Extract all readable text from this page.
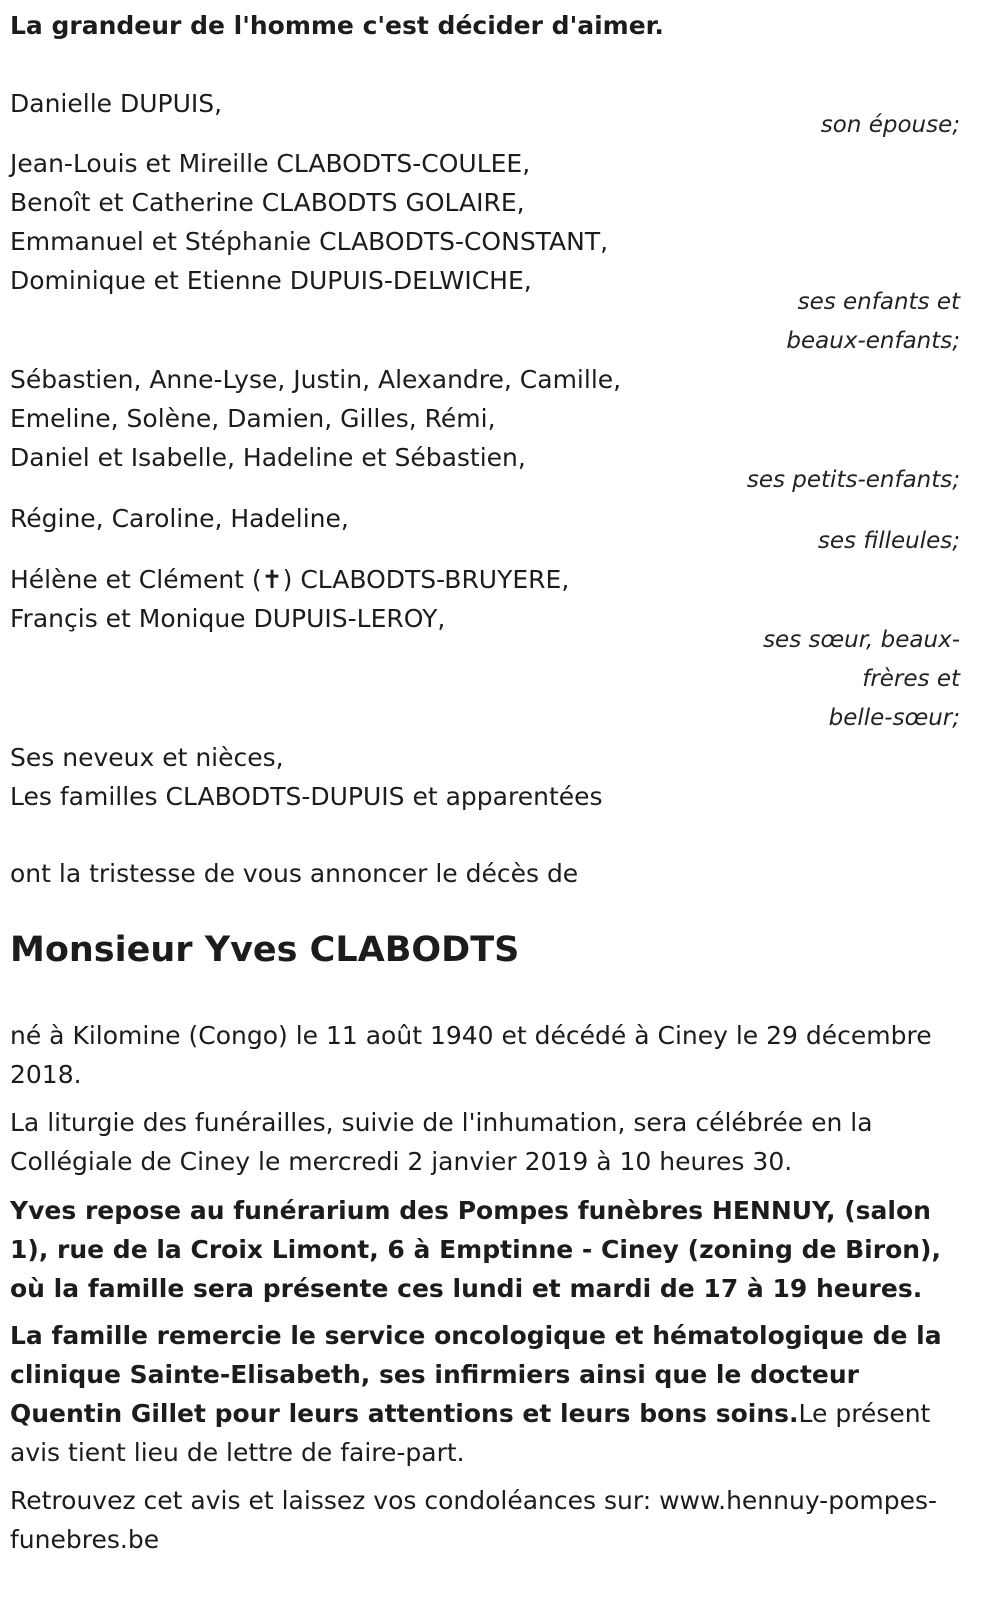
La grandeur de l'homme c'est décider d'aimer.
Danielle DUPUIS,
son épouse;
Jean-Louis et Mireille CLABODTS-COULEE,
Benoît et Catherine CLABODTS GOLAIRE,
Emmanuel et Stéphanie CLABODTS-CONSTANT,
Dominique et Etienne DUPUIS-DELWICHE,
ses enfants et
beaux-enfants;
Sébastien, Anne-Lyse, Justin, Alexandre, Camille,
Emeline, Solène, Damien, Gilles, Rémi,
Daniel et Isabelle, Hadeline et Sébastien,
ses petits-enfants;
Régine, Caroline, Hadeline,
ses filleules;
Hélène et Clément (✝) CLABODTS-BRUYERE,
Françis et Monique DUPUIS-LEROY,
ses sœur, beaux-
frères et
belle-sœur;
Ses neveux et nièces,
Les familles CLABODTS-DUPUIS et apparentées
ont la tristesse de vous annoncer le décès de
Monsieur Yves CLABODTS
né à Kilomine (Congo) le 11 août 1940 et décédé à Ciney le 29 décembre 2018.
La liturgie des funérailles, suivie de l'inhumation, sera célébrée en la Collégiale de Ciney le mercredi 2 janvier 2019 à 10 heures 30.
Yves repose au funérarium des Pompes funèbres HENNUY, (salon 1), rue de la Croix Limont, 6 à Emptinne - Ciney (zoning de Biron), où la famille sera présente ces lundi et mardi de 17 à 19 heures.
La famille remercie le service oncologique et hématologique de la clinique Sainte-Elisabeth, ses infirmiers ainsi que le docteur Quentin Gillet pour leurs attentions et leurs bons soins.Le présent avis tient lieu de lettre de faire-part.
Retrouvez cet avis et laissez vos condoléances sur: www.hennuy-pompes-funebres.be
